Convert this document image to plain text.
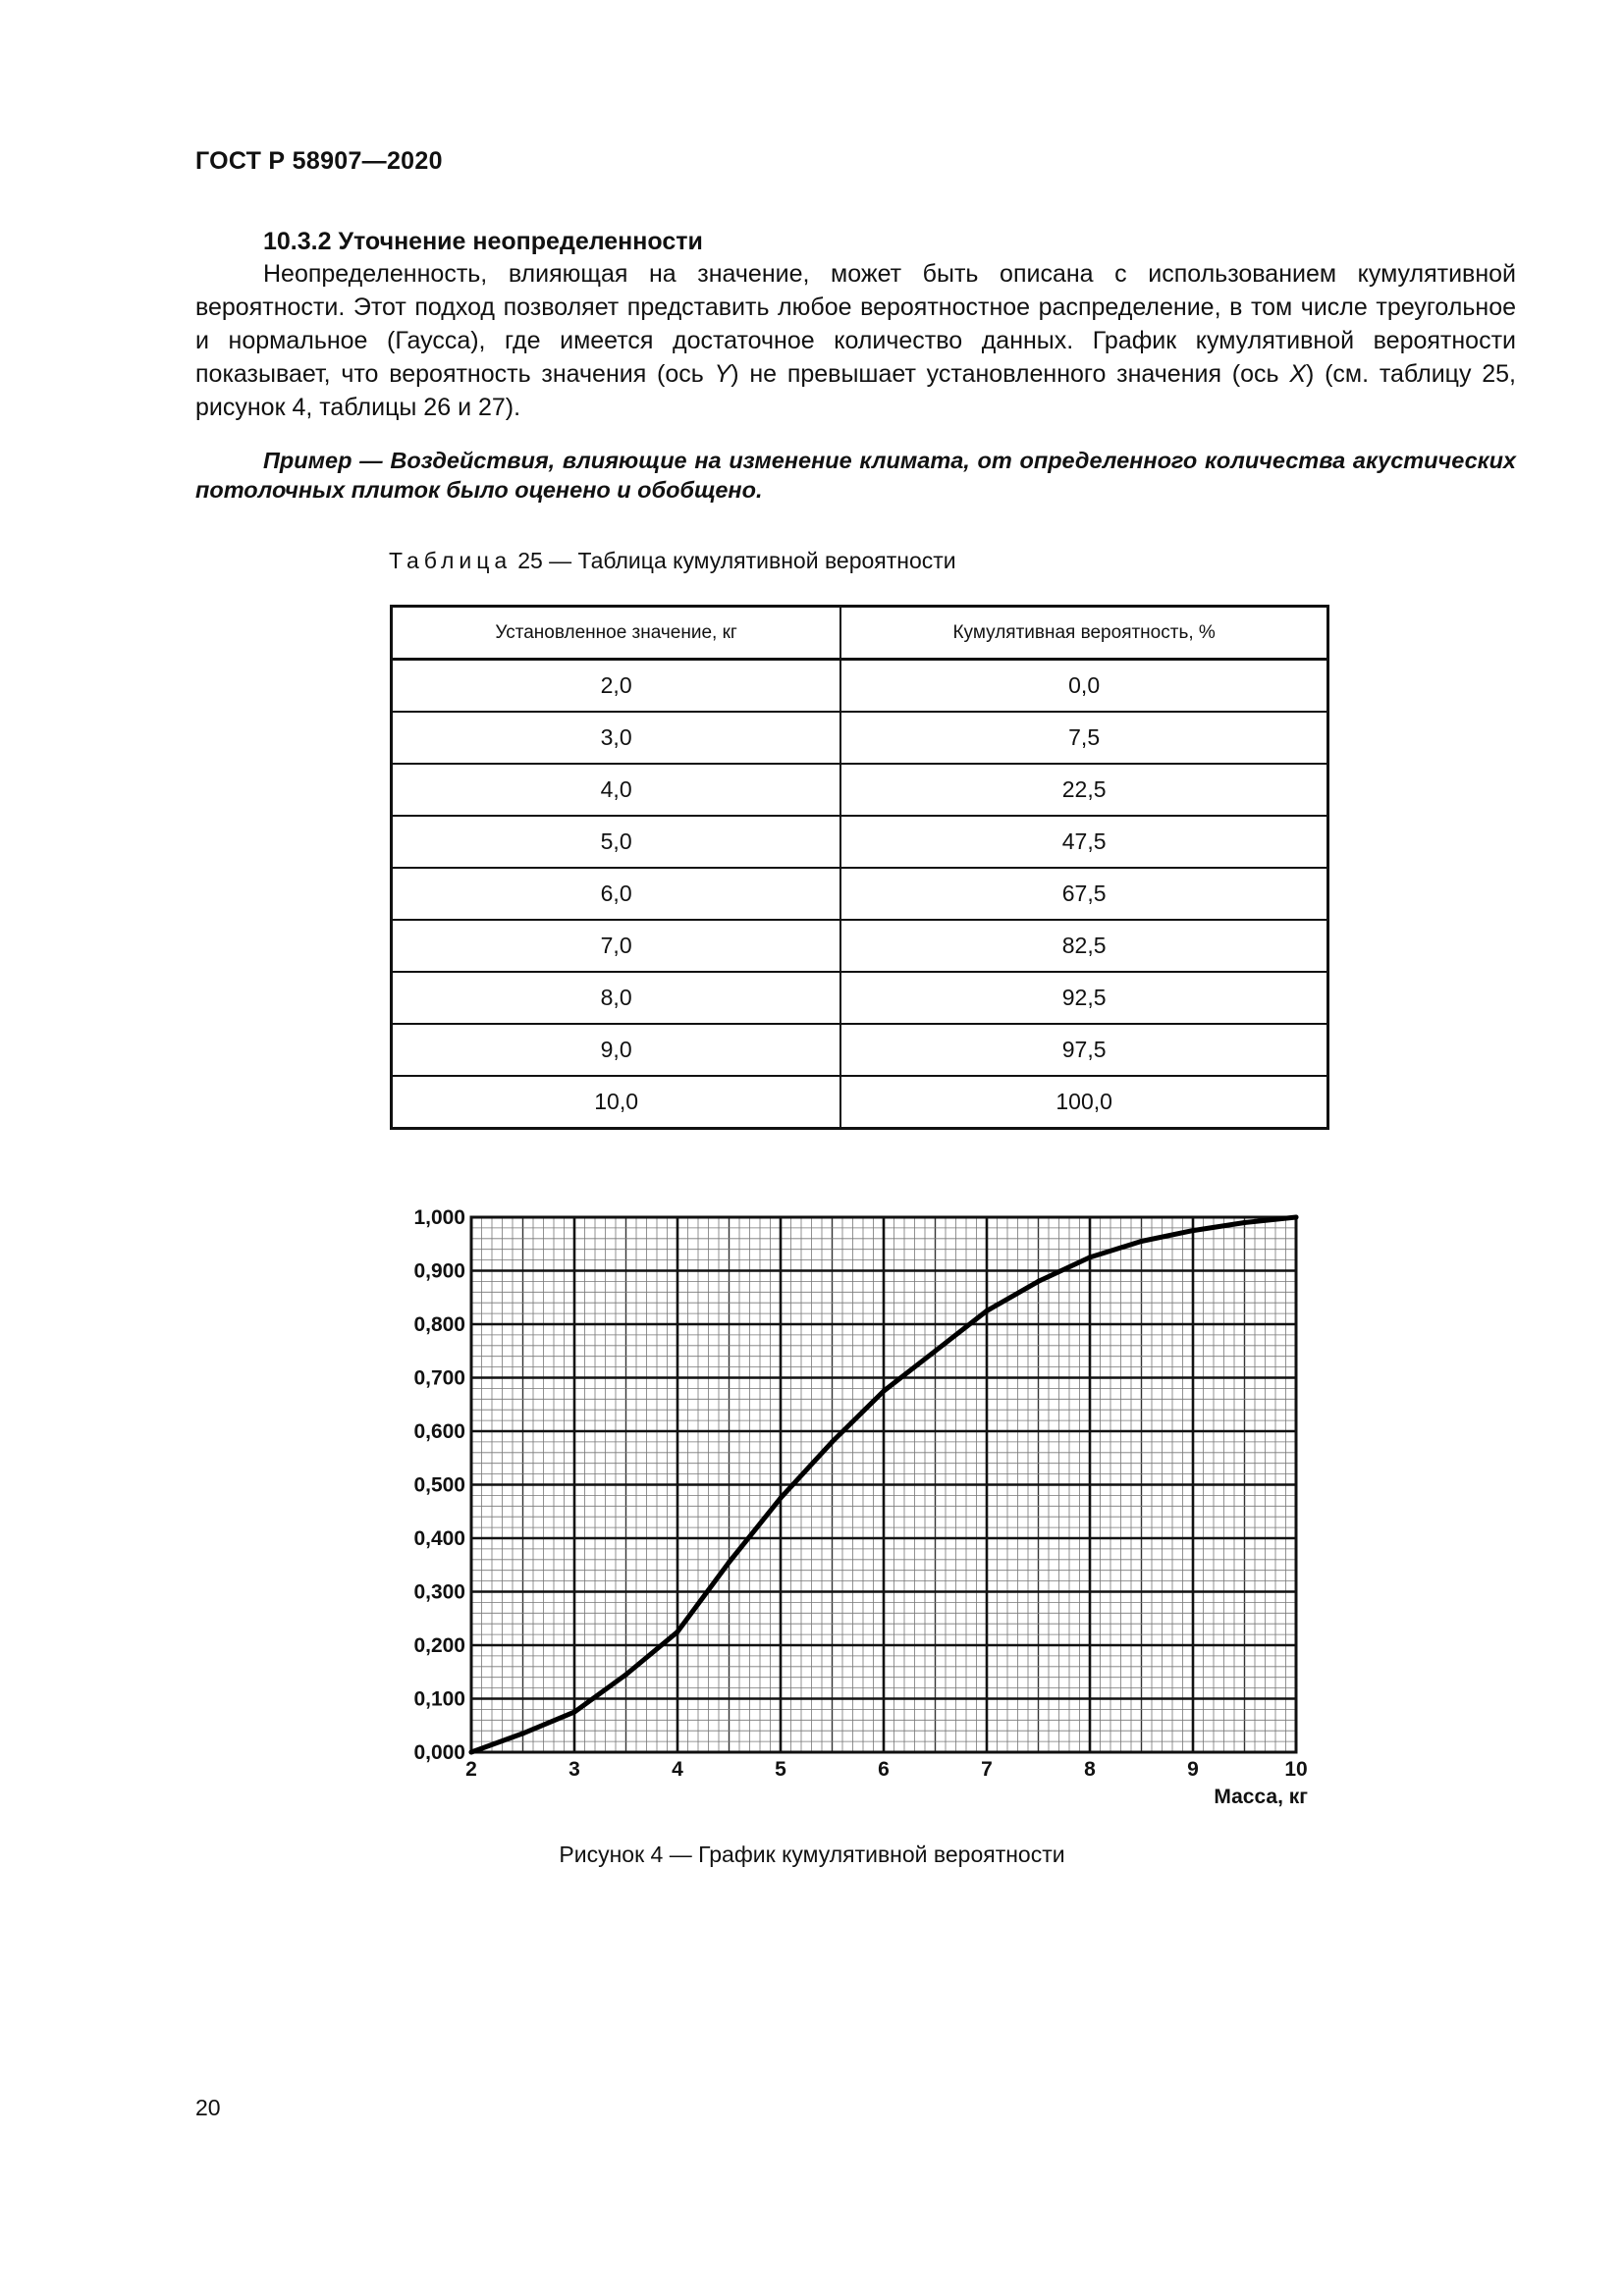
ГОСТ Р 58907—2020
10.3.2 Уточнение неопределенности
Неопределенность, влияющая на значение, может быть описана с использованием кумулятивной вероятности. Этот подход позволяет представить любое вероятностное распределение, в том числе треугольное и нормальное (Гаусса), где имеется достаточное количество данных. График кумулятивной вероятности показывает, что вероятность значения (ось Y) не превышает установленного значения (ось X) (см. таблицу 25, рисунок 4, таблицы 26 и 27).
Пример — Воздействия, влияющие на изменение климата, от определенного количества акустических потолочных плиток было оценено и обобщено.
Таблица 25 — Таблица кумулятивной вероятности
Установленное значение, кг	Кумулятивная вероятность, %
2,0	0,0
3,0	7,5
4,0	22,5
5,0	47,5
6,0	67,5
7,0	82,5
8,0	92,5
9,0	97,5
10,0	100,0
0,000
0,100
0,200
0,300
0,400
0,500
0,600
0,700
0,800
0,900
1,000
2	3	4	5	6	7	8	9	10
Масса, кг
Рисунок 4 — График кумулятивной вероятности
20
